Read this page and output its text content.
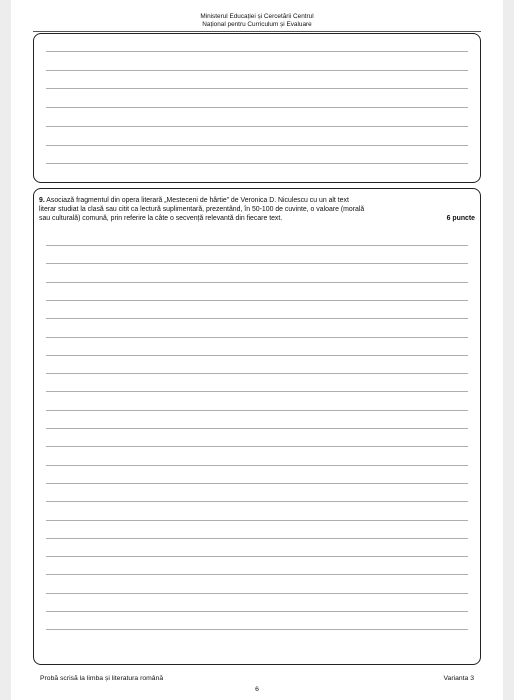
Ministerul Educației și Cercetării Centrul
Național pentru Curriculum și Evaluare
9. Asociază fragmentul din opera literară „Mesteceni de hârtie” de Veronica D. Niculescu cu un alt text
literar studiat la clasă sau citit ca lectură suplimentară, prezentând, în 50-100 de cuvinte, o valoare (morală
sau culturală) comună, prin referire la câte o secvență relevantă din fiecare text.	6 puncte
Probă scrisă la limba și literatura română	Varianta 3
6
